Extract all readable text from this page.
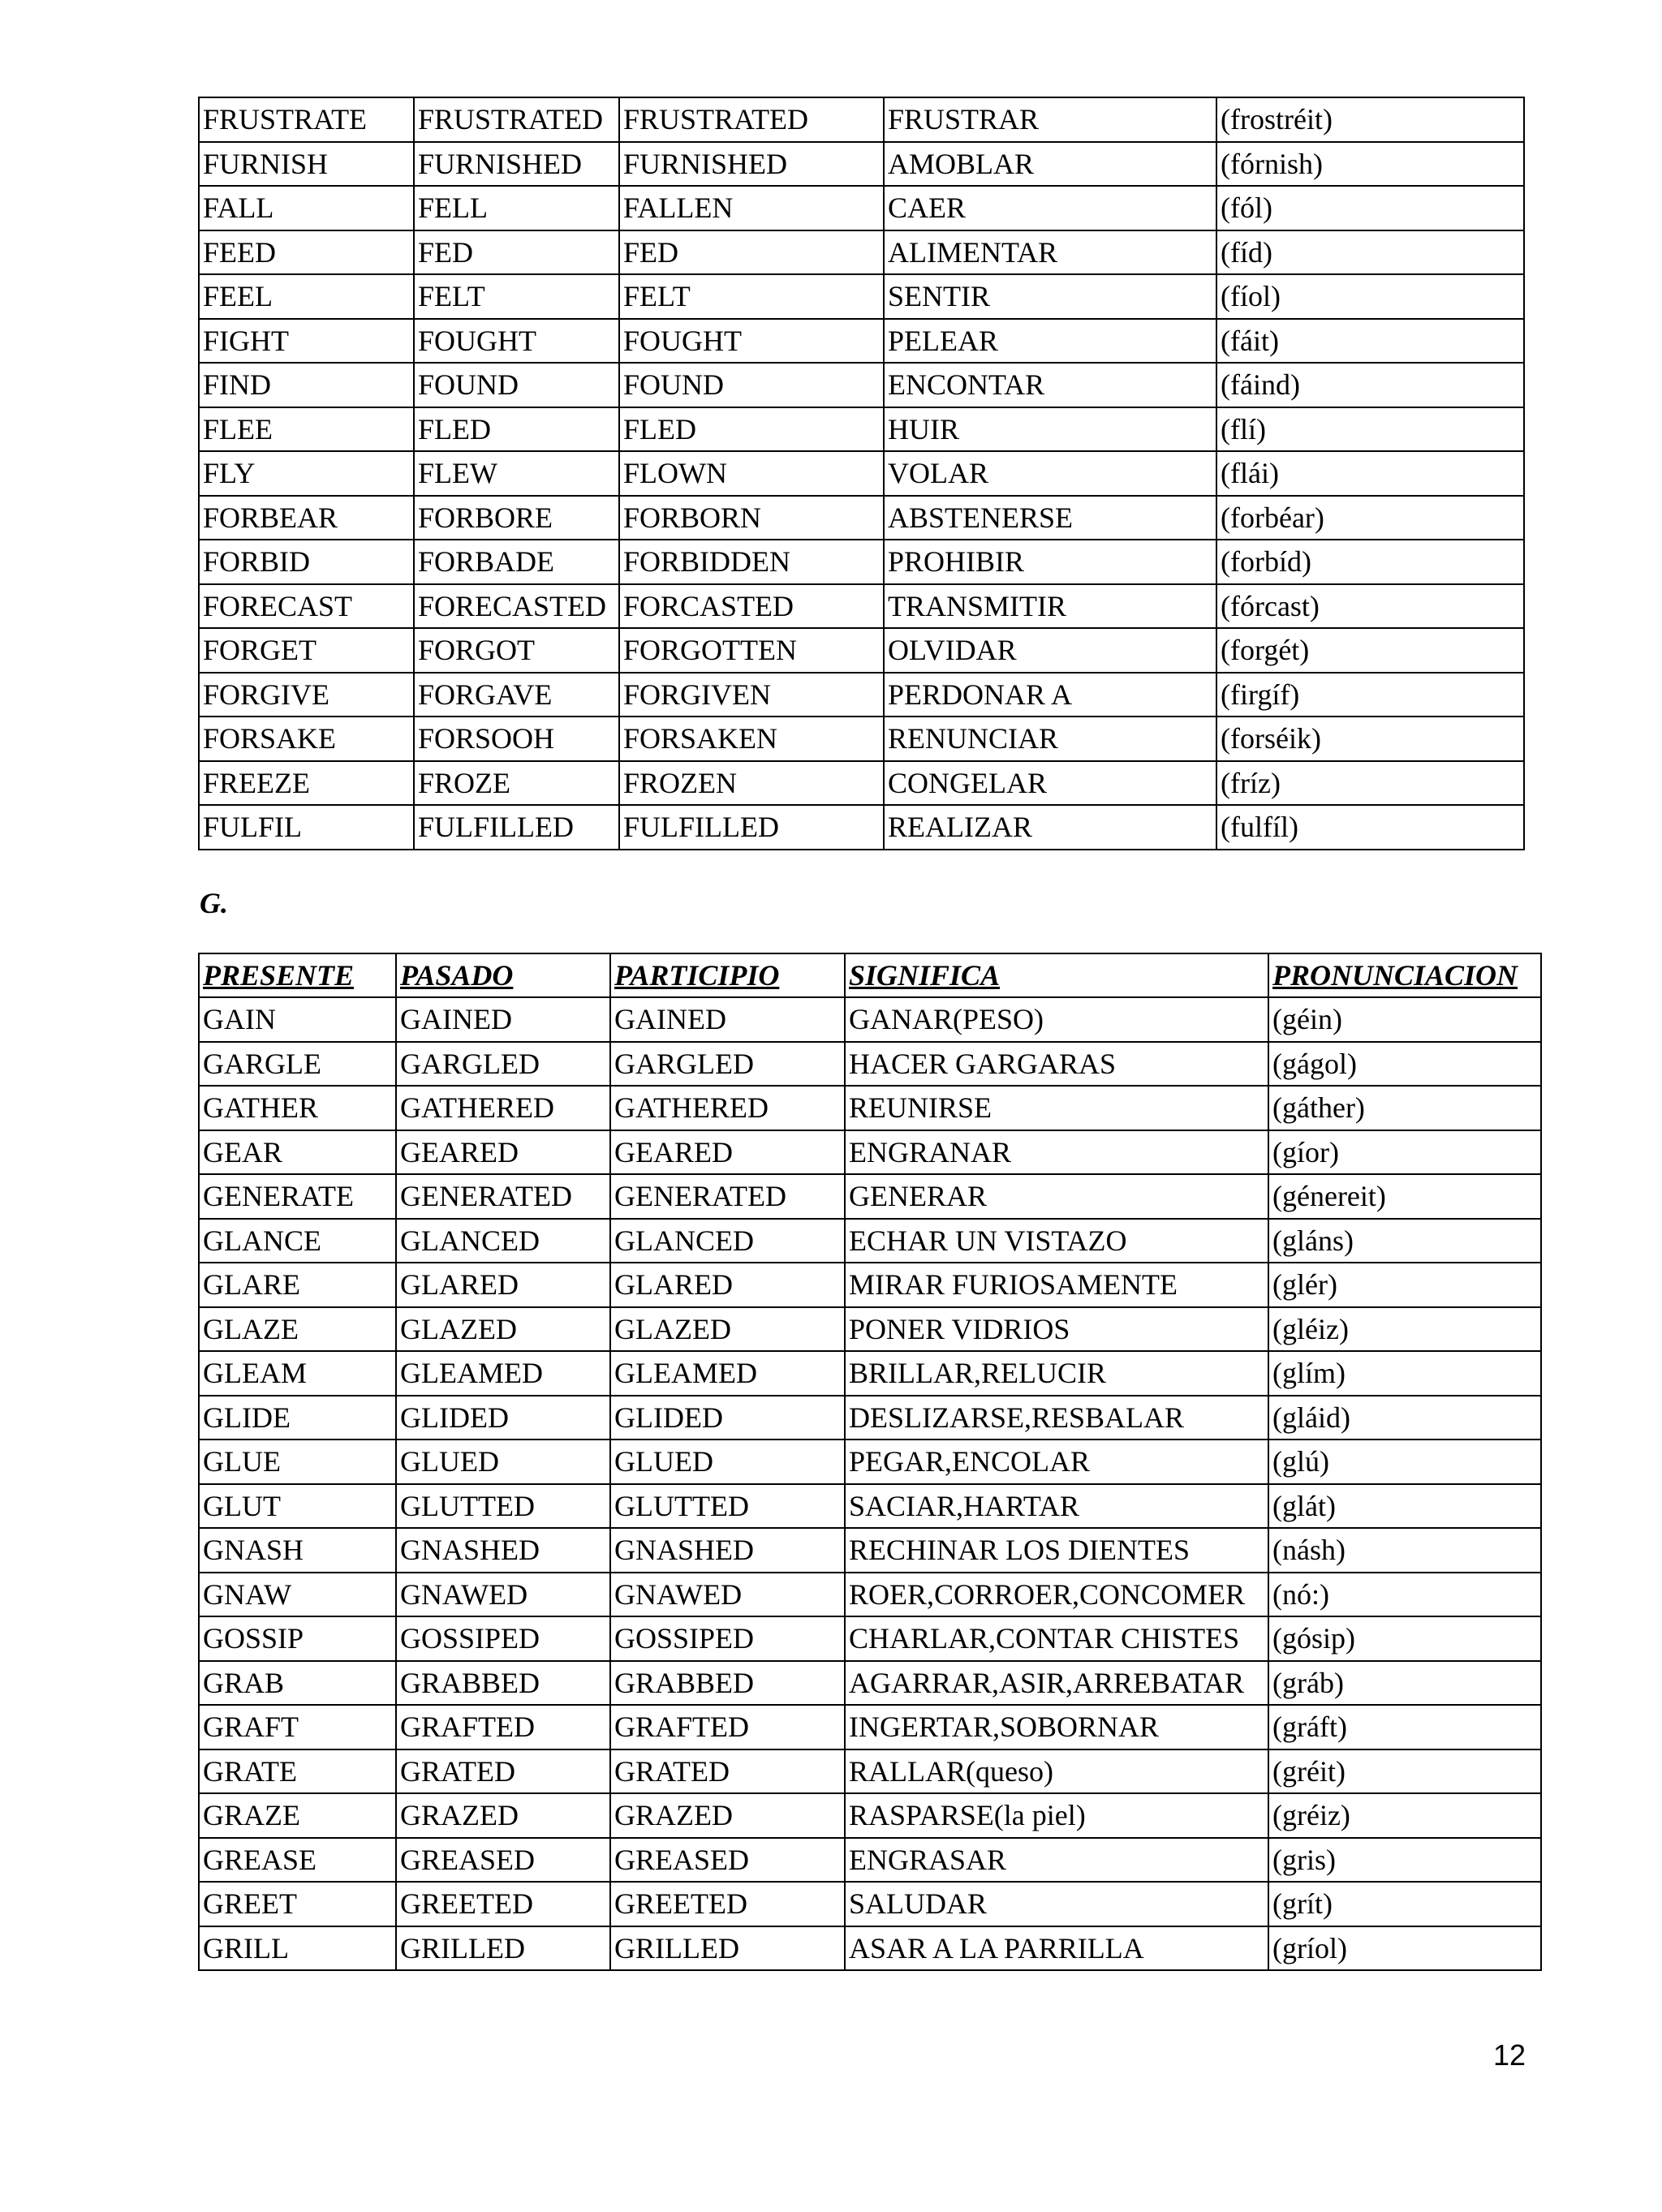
FRUSTRATE	FRUSTRATED	FRUSTRATED	FRUSTRAR	(frostréit)
FURNISH	FURNISHED	FURNISHED	AMOBLAR	(fórnish)
FALL	FELL	FALLEN	CAER	(fól)
FEED	FED	FED	ALIMENTAR	(fíd)
FEEL	FELT	FELT	SENTIR	(fíol)
FIGHT	FOUGHT	FOUGHT	PELEAR	(fáit)
FIND	FOUND	FOUND	ENCONTAR	(fáind)
FLEE	FLED	FLED	HUIR	(flí)
FLY	FLEW	FLOWN	VOLAR	(flái)
FORBEAR	FORBORE	FORBORN	ABSTENERSE	(forbéar)
FORBID	FORBADE	FORBIDDEN	PROHIBIR	(forbíd)
FORECAST	FORECASTED	FORCASTED	TRANSMITIR	(fórcast)
FORGET	FORGOT	FORGOTTEN	OLVIDAR	(forgét)
FORGIVE	FORGAVE	FORGIVEN	PERDONAR A	(firgíf)
FORSAKE	FORSOOH	FORSAKEN	RENUNCIAR	(forséik)
FREEZE	FROZE	FROZEN	CONGELAR	(fríz)
FULFIL	FULFILLED	FULFILLED	REALIZAR	(fulfíl)
G.
PRESENTE	PASADO	PARTICIPIO	SIGNIFICA	PRONUNCIACION
GAIN	GAINED	GAINED	GANAR(PESO)	(géin)
GARGLE	GARGLED	GARGLED	HACER GARGARAS	(gágol)
GATHER	GATHERED	GATHERED	REUNIRSE	(gáther)
GEAR	GEARED	GEARED	ENGRANAR	(gíor)
GENERATE	GENERATED	GENERATED	GENERAR	(génereit)
GLANCE	GLANCED	GLANCED	ECHAR UN VISTAZO	(gláns)
GLARE	GLARED	GLARED	MIRAR FURIOSAMENTE	(glér)
GLAZE	GLAZED	GLAZED	PONER VIDRIOS	(gléiz)
GLEAM	GLEAMED	GLEAMED	BRILLAR,RELUCIR	(glím)
GLIDE	GLIDED	GLIDED	DESLIZARSE,RESBALAR	(gláid)
GLUE	GLUED	GLUED	PEGAR,ENCOLAR	(glú)
GLUT	GLUTTED	GLUTTED	SACIAR,HARTAR	(glát)
GNASH	GNASHED	GNASHED	RECHINAR LOS DIENTES	(násh)
GNAW	GNAWED	GNAWED	ROER,CORROER,CONCOMER	(nó:)
GOSSIP	GOSSIPED	GOSSIPED	CHARLAR,CONTAR CHISTES	(gósip)
GRAB	GRABBED	GRABBED	AGARRAR,ASIR,ARREBATAR	(gráb)
GRAFT	GRAFTED	GRAFTED	INGERTAR,SOBORNAR	(gráft)
GRATE	GRATED	GRATED	RALLAR(queso)	(gréit)
GRAZE	GRAZED	GRAZED	RASPARSE(la piel)	(gréiz)
GREASE	GREASED	GREASED	ENGRASAR	(gris)
GREET	GREETED	GREETED	SALUDAR	(grít)
GRILL	GRILLED	GRILLED	ASAR A LA PARRILLA	(gríol)
12
